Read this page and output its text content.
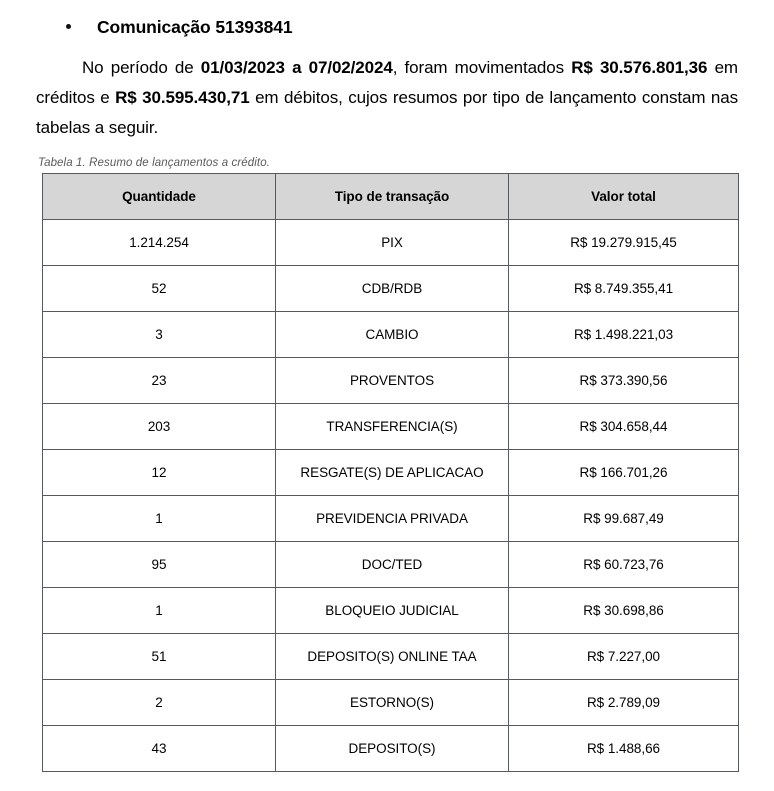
Comunicação 51393841

No período de 01/03/2023 a 07/02/2024, foram movimentados R$ 30.576.801,36 em créditos e R$ 30.595.430,71 em débitos, cujos resumos por tipo de lançamento constam nas tabelas a seguir.

Tabela 1. Resumo de lançamentos a crédito.
Quantidade	Tipo de transação	Valor total
1.214.254	PIX	R$ 19.279.915,45
52	CDB/RDB	R$ 8.749.355,41
3	CAMBIO	R$ 1.498.221,03
23	PROVENTOS	R$ 373.390,56
203	TRANSFERENCIA(S)	R$ 304.658,44
12	RESGATE(S) DE APLICACAO	R$ 166.701,26
1	PREVIDENCIA PRIVADA	R$ 99.687,49
95	DOC/TED	R$ 60.723,76
1	BLOQUEIO JUDICIAL	R$ 30.698,86
51	DEPOSITO(S) ONLINE TAA	R$ 7.227,00
2	ESTORNO(S)	R$ 2.789,09
43	DEPOSITO(S)	R$ 1.488,66
